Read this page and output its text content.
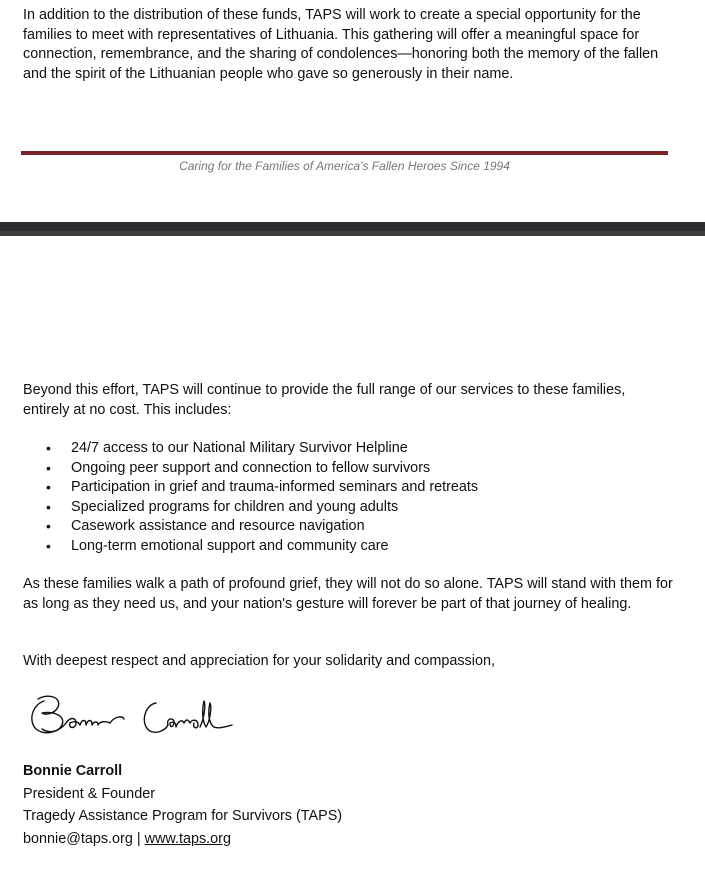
In addition to the distribution of these funds, TAPS will work to create a special opportunity for the families to meet with representatives of Lithuania. This gathering will offer a meaningful space for connection, remembrance, and the sharing of condolences—honoring both the memory of the fallen and the spirit of the Lithuanian people who gave so generously in their name.

Caring for the Families of America’s Fallen Heroes Since 1994

Beyond this effort, TAPS will continue to provide the full range of our services to these families, entirely at no cost. This includes:

• 24/7 access to our National Military Survivor Helpline
• Ongoing peer support and connection to fellow survivors
• Participation in grief and trauma-informed seminars and retreats
• Specialized programs for children and young adults
• Casework assistance and resource navigation
• Long-term emotional support and community care

As these families walk a path of profound grief, they will not do so alone. TAPS will stand with them for as long as they need us, and your nation's gesture will forever be part of that journey of healing.

With deepest respect and appreciation for your solidarity and compassion,

Bonnie Carroll
President & Founder
Tragedy Assistance Program for Survivors (TAPS)
bonnie@taps.org | www.taps.org
